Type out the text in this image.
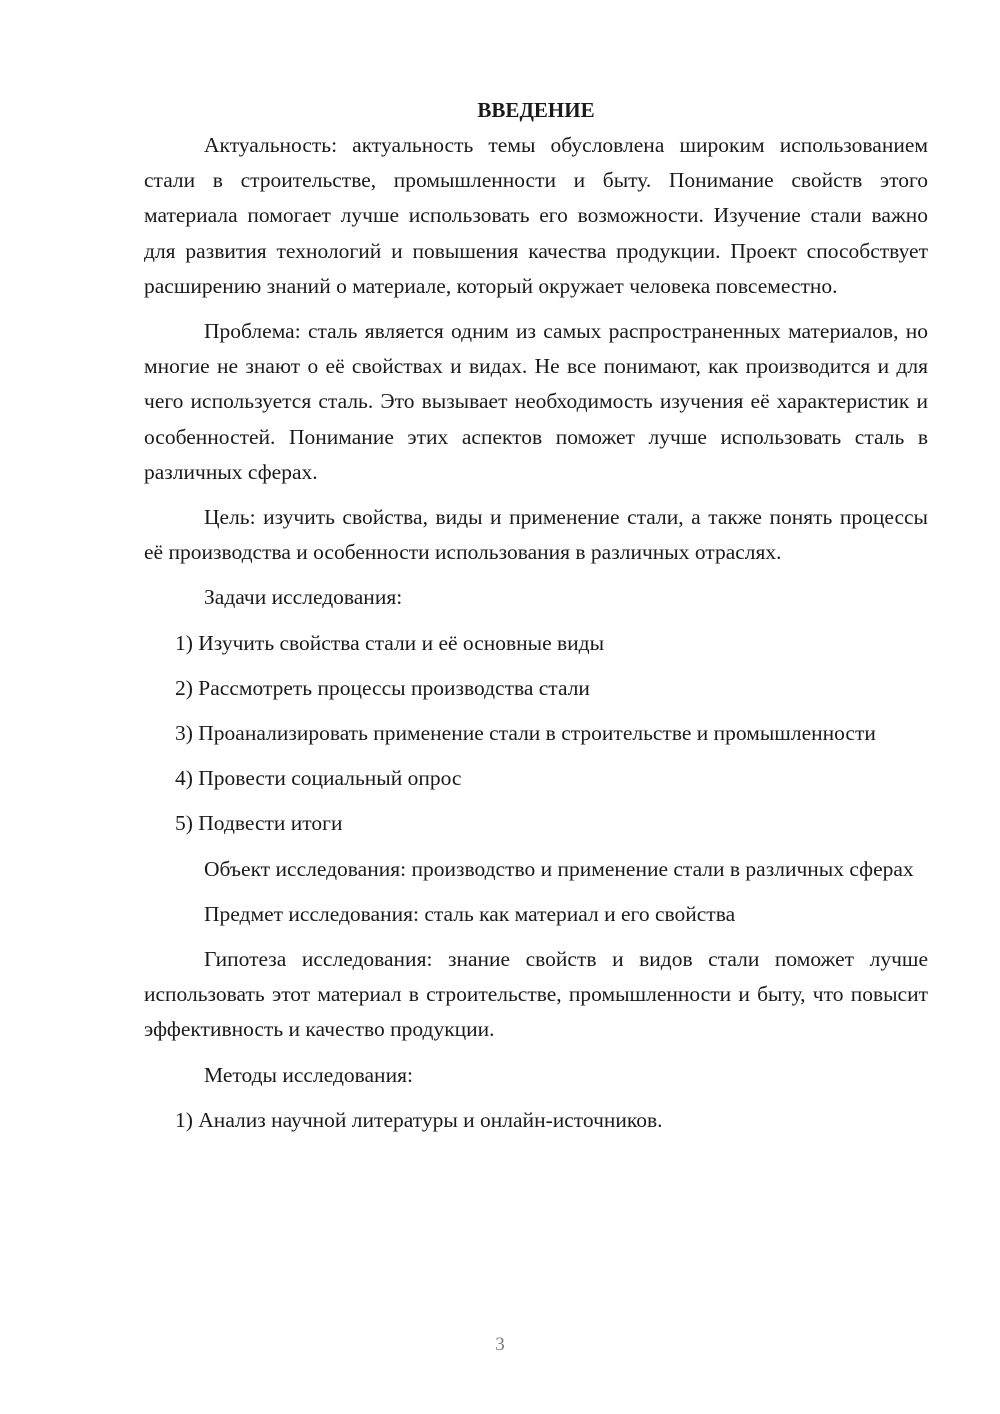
ВВЕДЕНИЕ

Актуальность: актуальность темы обусловлена широким использованием стали в строительстве, промышленности и быту. Понимание свойств этого материала помогает лучше использовать его возможности. Изучение стали важно для развития технологий и повышения качества продукции. Проект способствует расширению знаний о материале, который окружает человека повсеместно.

Проблема: сталь является одним из самых распространенных материалов, но многие не знают о её свойствах и видах. Не все понимают, как производится и для чего используется сталь. Это вызывает необходимость изучения её характеристик и особенностей. Понимание этих аспектов поможет лучше использовать сталь в различных сферах.

Цель: изучить свойства, виды и применение стали, а также понять процессы её производства и особенности использования в различных отраслях.

Задачи исследования:

1) Изучить свойства стали и её основные виды

2) Рассмотреть процессы производства стали

3) Проанализировать применение стали в строительстве и промышленности

4) Провести социальный опрос

5) Подвести итоги

Объект исследования: производство и применение стали в различных сферах

Предмет исследования: сталь как материал и его свойства

Гипотеза исследования: знание свойств и видов стали поможет лучше использовать этот материал в строительстве, промышленности и быту, что повысит эффективность и качество продукции.

Методы исследования:

1) Анализ научной литературы и онлайн-источников.

3
